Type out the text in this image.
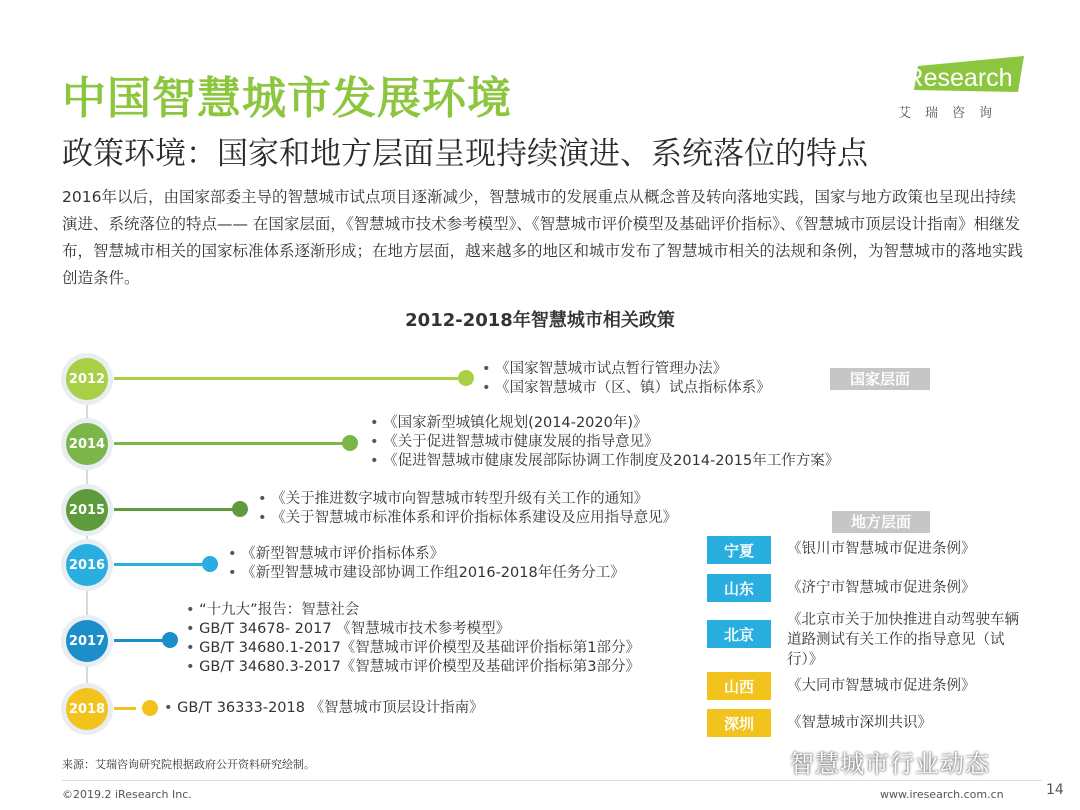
中国智慧城市发展环境
政策环境：国家和地方层面呈现持续演进、系统落位的特点
iResearch
艾瑞咨询
2016年以后，由国家部委主导的智慧城市试点项目逐渐减少，智慧城市的发展重点从概念普及转向落地实践，国家与地方政策也呈现出持续演进、系统落位的特点—— 在国家层面，《智慧城市技术参考模型》、《智慧城市评价模型及基础评价指标》、《智慧城市顶层设计指南》相继发布，智慧城市相关的国家标准体系逐渐形成；在地方层面，越来越多的地区和城市发布了智慧城市相关的法规和条例，为智慧城市的落地实践创造条件。
2012-2018年智慧城市相关政策
2012
• 《国家智慧城市试点暂行管理办法》
• 《国家智慧城市（区、镇）试点指标体系》	国家层面
2014
• 《国家新型城镇化规划(2014-2020年)》
• 《关于促进智慧城市健康发展的指导意见》
• 《促进智慧城市健康发展部际协调工作制度及2014-2015年工作方案》
2015
• 《关于推进数字城市向智慧城市转型升级有关工作的通知》
• 《关于智慧城市标准体系和评价指标体系建设及应用指导意见》
2016
• 《新型智慧城市评价指标体系》
• 《新型智慧城市建设部协调工作组2016-2018年任务分工》
2017
• “十九大”报告：智慧社会
• GB/T 34678- 2017 《智慧城市技术参考模型》
• GB/T 34680.1-2017《智慧城市评价模型及基础评价指标第1部分》
• GB/T 34680.3-2017《智慧城市评价模型及基础评价指标第3部分》
2018
•	GB/T 36333-2018 《智慧城市顶层设计指南》
地方层面
宁夏	《银川市智慧城市促进条例》
山东	《济宁市智慧城市促进条例》
北京
《北京市关于加快推进自动驾驶车辆道路测试有关工作的指导意见（试行）》
山西	《大同市智慧城市促进条例》
深圳	《智慧城市深圳共识》
来源：艾瑞咨询研究院根据政府公开资料研究绘制。
©2019.2 iResearch Inc.	www.iresearch.com.cn	14
智慧城市行业动态
